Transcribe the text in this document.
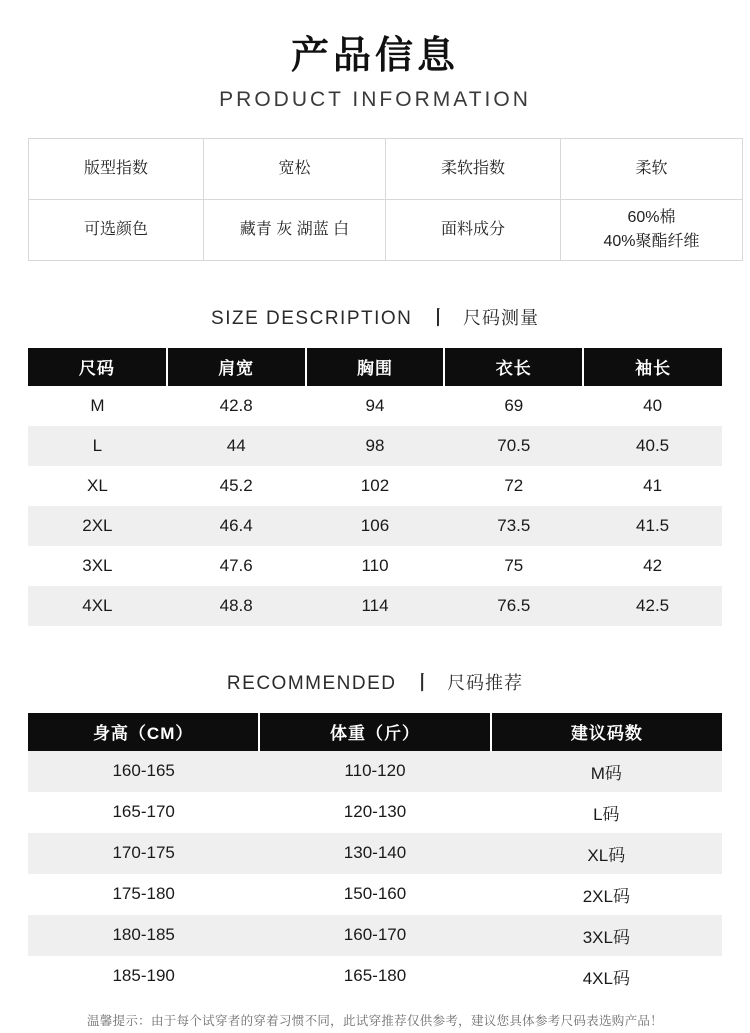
产品信息
PRODUCT INFORMATION
版型指数	宽松	柔软指数	柔软
可选颜色	藏青 灰 湖蓝 白	面料成分	60%棉
40%聚酯纤维
SIZE DESCRIPTION 丨 尺码测量
尺码	肩宽	胸围	衣长	袖长
M	42.8	94	69	40
L	44	98	70.5	40.5
XL	45.2	102	72	41
2XL	46.4	106	73.5	41.5
3XL	47.6	110	75	42
4XL	48.8	114	76.5	42.5
RECOMMENDED 丨 尺码推荐
身高（CM）	体重（斤）	建议码数
160-165	110-120	M码
165-170	120-130	L码
170-175	130-140	XL码
175-180	150-160	2XL码
180-185	160-170	3XL码
185-190	165-180	4XL码
温馨提示：由于每个试穿者的穿着习惯不同，此试穿推荐仅供参考，建议您具体参考尺码表选购产品！
